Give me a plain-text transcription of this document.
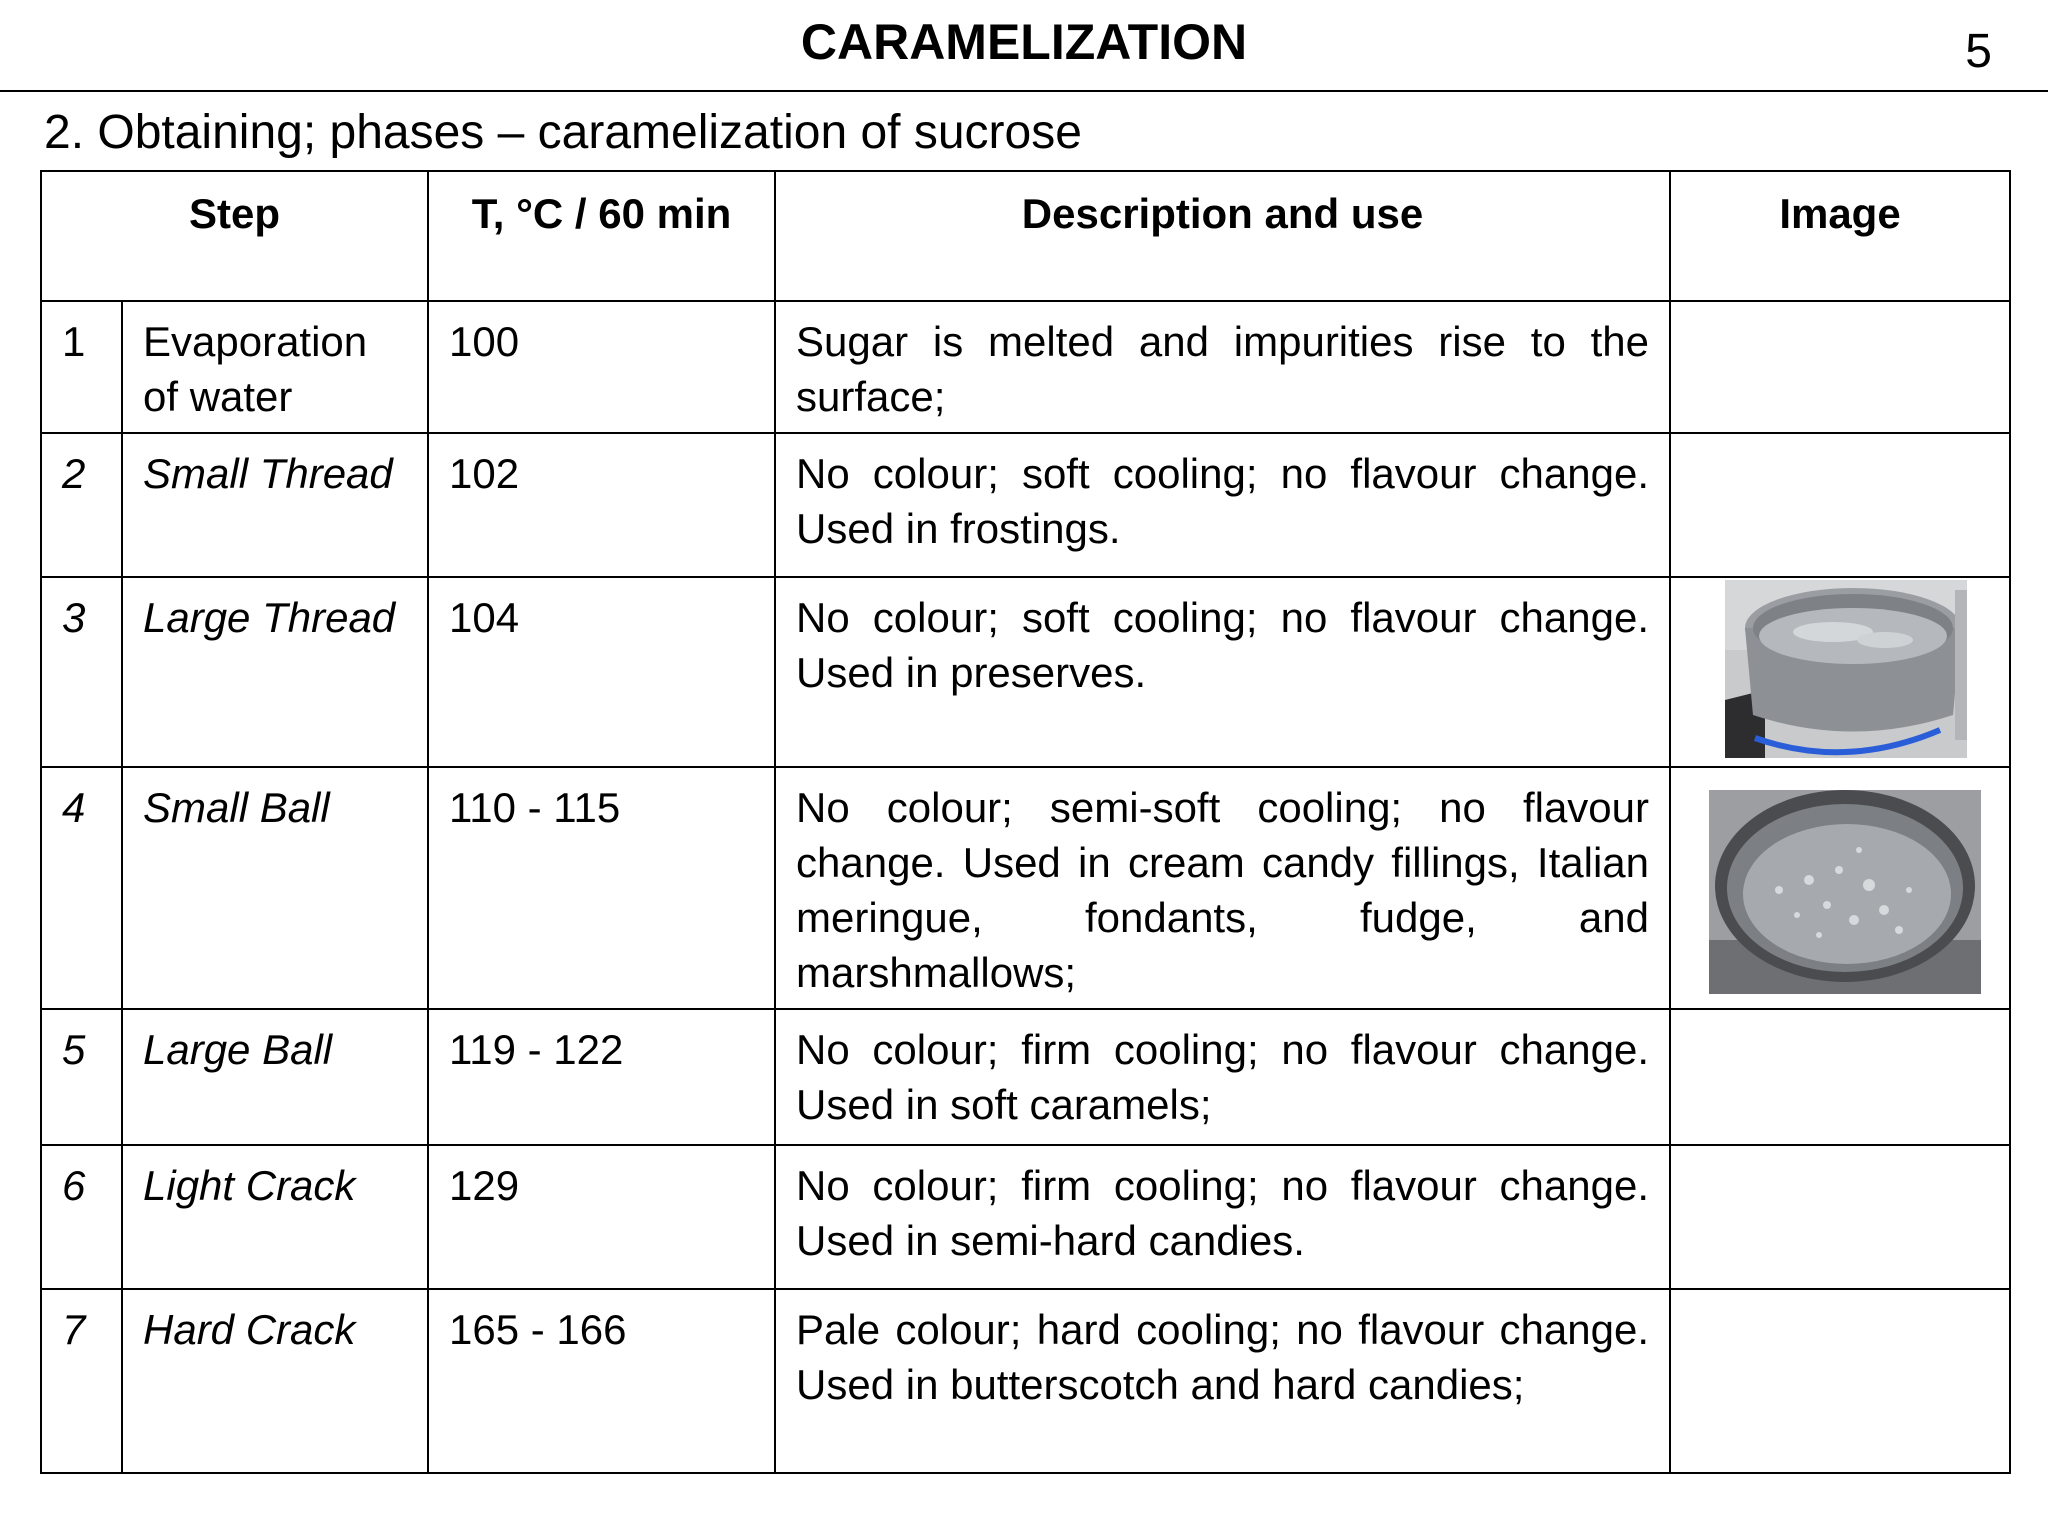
CARAMELIZATION	5
2. Obtaining; phases – caramelization of sucrose
Step		T, °C / 60 min	Description and use	Image
1	Evaporation of water	100	Sugar is melted and impurities rise to the surface;	
2	Small Thread	102	No colour; soft cooling; no flavour change. Used in frostings.	
3	Large Thread	104	No colour; soft cooling; no flavour change. Used in preserves.	

4	Small Ball	110 - 115	No colour; semi-soft cooling; no flavour change. Used in cream candy fillings, Italian meringue, fondants, fudge, and marshmallows;	

5	Large Ball	119 - 122	No colour; firm cooling; no flavour change. Used in soft caramels;	
6	Light Crack	129	No colour; firm cooling; no flavour change. Used in semi-hard candies.	
7	Hard Crack	165 - 166	Pale colour; hard cooling; no flavour change. Used in butterscotch and hard candies;	
